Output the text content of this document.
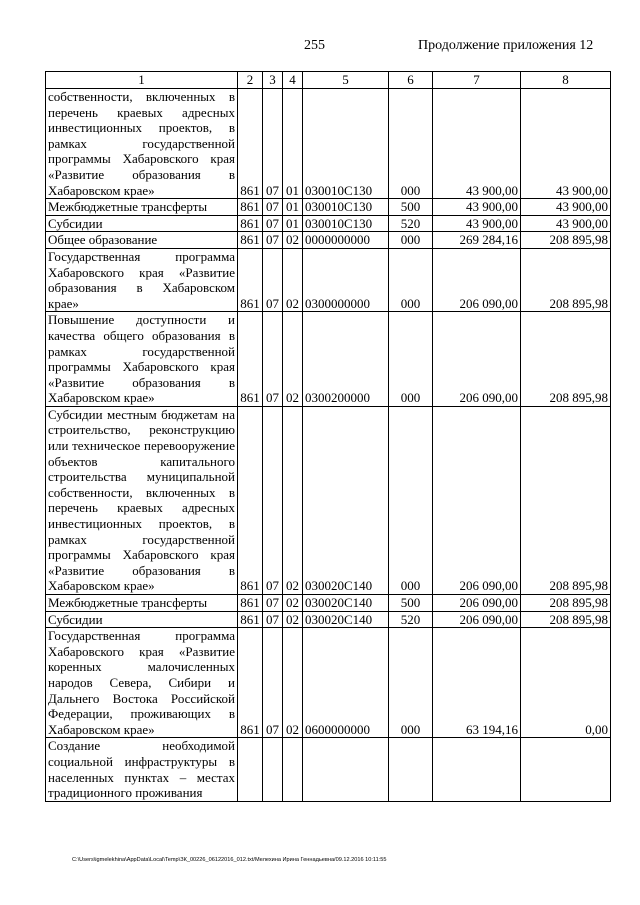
255	Продолжение приложения 12
1	2	3	4	5	6	7	8
собственности, включенных в перечень краевых адресных инвестиционных проектов, в рамках государственной программы Хабаровского края «Развитие образования в Хабаровском крае»	861	07	01	030010С130	000	43 900,00	43 900,00
Межбюджетные трансферты	861	07	01	030010С130	500	43 900,00	43 900,00
Субсидии	861	07	01	030010С130	520	43 900,00	43 900,00
Общее образование	861	07	02	0000000000	000	269 284,16	208 895,98
Государственная программа Хабаровского края «Развитие образования в Хабаровском крае»	861	07	02	0300000000	000	206 090,00	208 895,98
Повышение доступности и качества общего образования в рамках государственной программы Хабаровского края «Развитие образования в Хабаровском крае»	861	07	02	0300200000	000	206 090,00	208 895,98
Субсидии местным бюджетам на строительство, реконструкцию или техническое перевооружение объектов капитального строительства муниципальной собственности, включенных в перечень краевых адресных инвестиционных проектов, в рамках государственной программы Хабаровского края «Развитие образования в Хабаровском крае»	861	07	02	030020С140	000	206 090,00	208 895,98
Межбюджетные трансферты	861	07	02	030020С140	500	206 090,00	208 895,98
Субсидии	861	07	02	030020С140	520	206 090,00	208 895,98
Государственная программа Хабаровского края «Развитие коренных малочисленных народов Севера, Сибири и Дальнего Востока Российской Федерации, проживающих в Хабаровском крае»	861	07	02	0600000000	000	63 194,16	0,00
Создание необходимой социальной инфраструктуры в населенных пунктах – местах традиционного проживания							
C:\Users\igmelekhina\AppData\Local\Temp\ЗК_00226_06122016_012.txt/Мелехина Ирина Геннадьевна/09.12.2016 10:11:55
